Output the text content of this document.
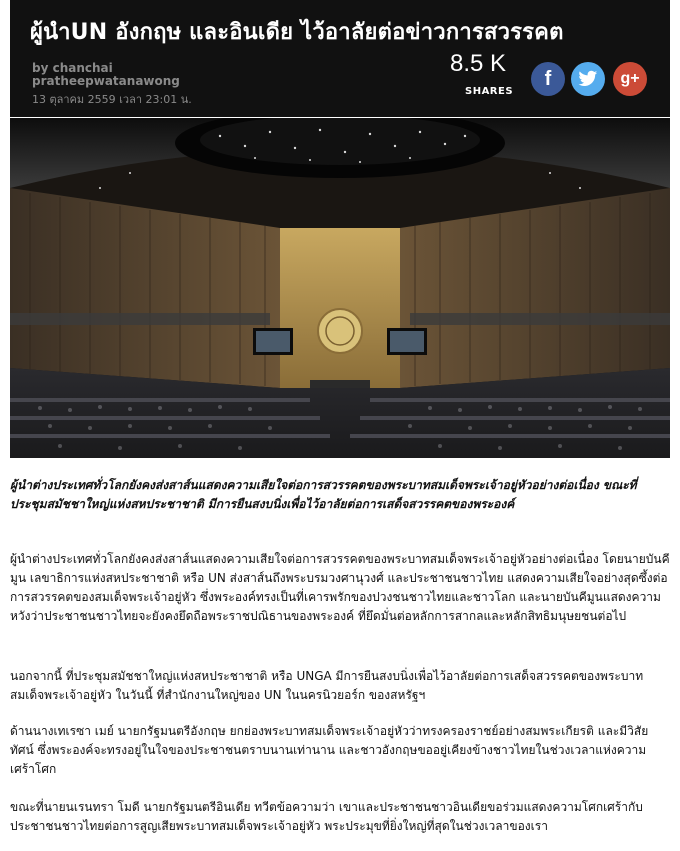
ผู้นำUN อังกฤษ และอินเดีย ไว้อาลัยต่อข่าวการสวรรคต
by chanchai
pratheepwatanawong
13 ตุลาคม 2559 เวลา 23:01 น.
8.5 K
SHARES
f	g+
ผู้นำต่างประเทศทั่วโลกยังคงส่งสาส์นแสดงความเสียใจต่อการสวรรคตของพระบาทสมเด็จพระเจ้าอยู่หัวอย่างต่อเนื่อง ขณะที่ประชุมสมัชชาใหญ่แห่งสหประชาชาติ มีการยืนสงบนิ่งเพื่อไว้อาลัยต่อการเสด็จสวรรคตของพระองค์
ผู้นำต่างประเทศทั่วโลกยังคงส่งสาส์นแสดงความเสียใจต่อการสวรรคตของพระบาทสมเด็จพระเจ้าอยู่หัวอย่างต่อเนื่อง โดยนายบันคีมูน เลขาธิการแห่งสหประชาชาติ หรือ UN ส่งสาส์นถึงพระบรมวงศานุวงศ์ และประชาชนชาวไทย แสดงความเสียใจอย่างสุดซึ้งต่อการสวรรคตของสมเด็จพระเจ้าอยู่หัว ซึ่งพระองค์ทรงเป็นที่เคารพรักของปวงชนชาวไทยและชาวโลก และนายบันคีมูนแสดงความหวังว่าประชาชนชาวไทยจะยังคงยึดถือพระราชปณิธานของพระองค์ ที่ยึดมั่นต่อหลักการสากลและหลักสิทธิมนุษยชนต่อไป
นอกจากนี้ ที่ประชุมสมัชชาใหญ่แห่งสหประชาชาติ หรือ UNGA มีการยืนสงบนิ่งเพื่อไว้อาลัยต่อการเสด็จสวรรคตของพระบาทสมเด็จพระเจ้าอยู่หัว ในวันนี้ ที่สำนักงานใหญ่ของ UN ในนครนิวยอร์ก ของสหรัฐฯ
ด้านนางเทเรซา เมย์ นายกรัฐมนตรีอังกฤษ ยกย่องพระบาทสมเด็จพระเจ้าอยู่หัวว่าทรงครองราชย์อย่างสมพระเกียรติ และมีวิสัยทัศน์ ซึ่งพระองค์จะทรงอยู่ในใจของประชาชนตราบนานเท่านาน และชาวอังกฤษขออยู่เคียงข้างชาวไทยในช่วงเวลาแห่งความเศร้าโศก
ขณะที่นายนเรนทรา โมดี นายกรัฐมนตรีอินเดีย ทวีตข้อความว่า เขาและประชาชนชาวอินเดียขอร่วมแสดงความโศกเศร้ากับประชาชนชาวไทยต่อการสูญเสียพระบาทสมเด็จพระเจ้าอยู่หัว พระประมุขที่ยิ่งใหญ่ที่สุดในช่วงเวลาของเรา
